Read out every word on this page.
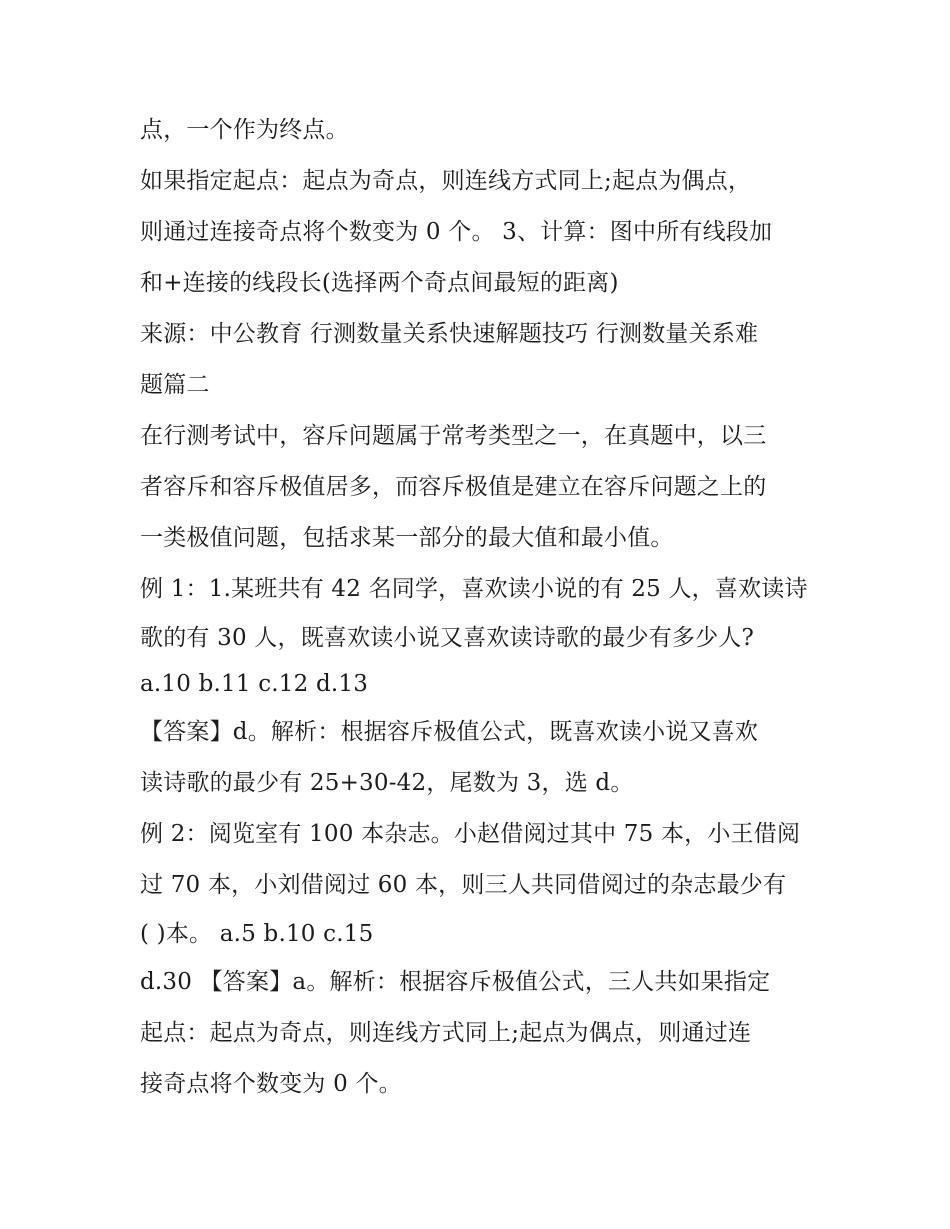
点，一个作为终点。
如果指定起点：起点为奇点，则连线方式同上;起点为偶点，
则通过连接奇点将个数变为 0 个。 3、计算：图中所有线段加
和+连接的线段长(选择两个奇点间最短的距离)
来源：中公教育 行测数量关系快速解题技巧 行测数量关系难
题篇二
在行测考试中，容斥问题属于常考类型之一，在真题中，以三
者容斥和容斥极值居多，而容斥极值是建立在容斥问题之上的
一类极值问题，包括求某一部分的最大值和最小值。
例 1：1.某班共有 42 名同学，喜欢读小说的有 25 人，喜欢读诗
歌的有 30 人，既喜欢读小说又喜欢读诗歌的最少有多少人?
a.10 b.11 c.12 d.13
【答案】d。解析：根据容斥极值公式，既喜欢读小说又喜欢
读诗歌的最少有 25+30-42，尾数为 3，选 d。
例 2：阅览室有 100 本杂志。小赵借阅过其中 75 本，小王借阅
过 70 本，小刘借阅过 60 本，则三人共同借阅过的杂志最少有
( )本。 a.5 b.10 c.15
d.30 【答案】a。解析：根据容斥极值公式，三人共如果指定
起点：起点为奇点，则连线方式同上;起点为偶点，则通过连
接奇点将个数变为 0 个。
